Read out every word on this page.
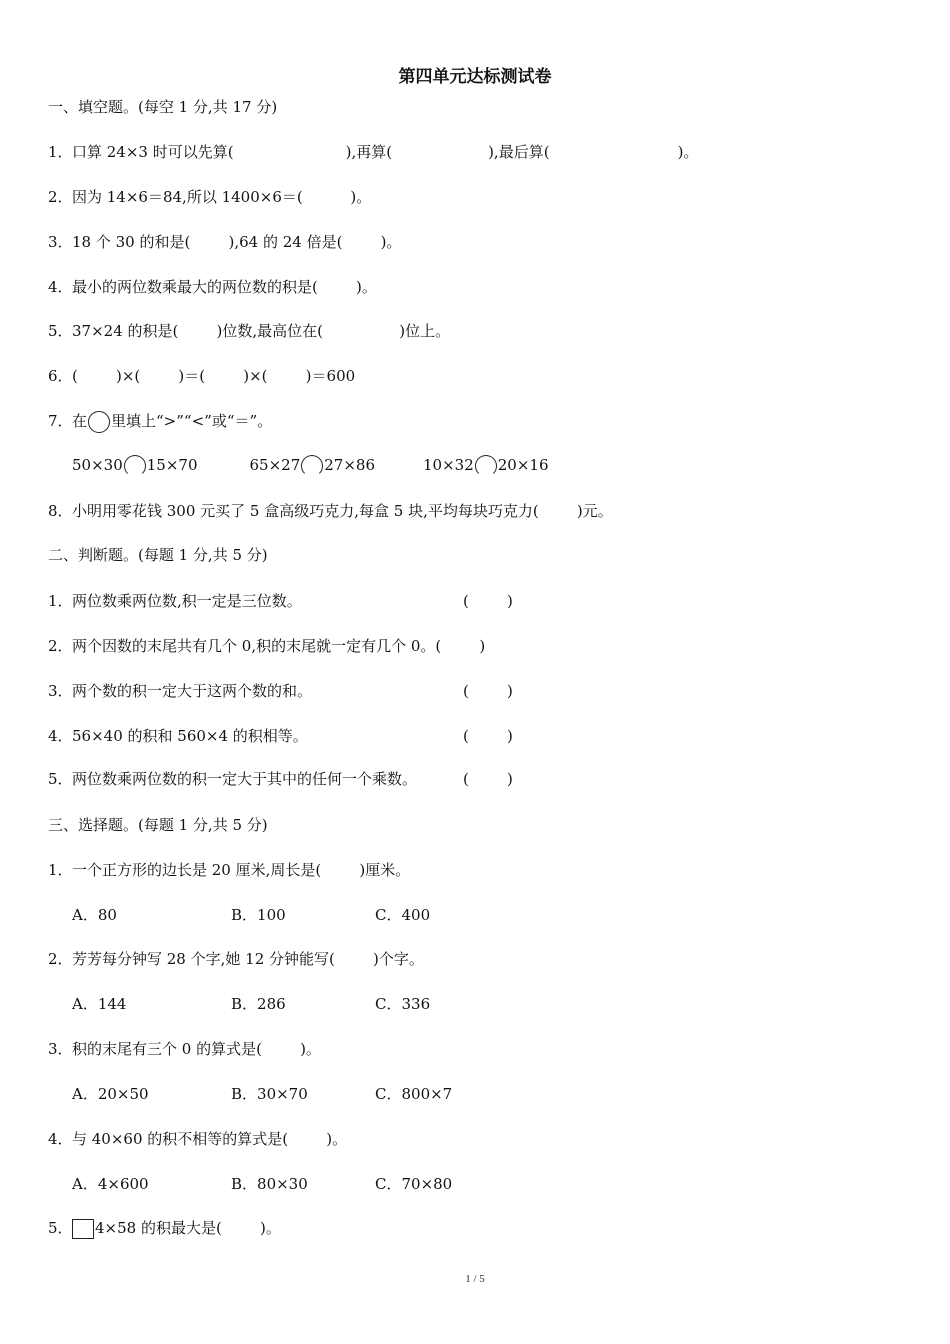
第四单元达标测试卷
一、填空题。(每空 1 分,共 17 分)
1．口算 24×3 时可以先算(	),再算(	),最后算(	)。
2．因为 14×6＝84,所以 1400×6＝(          )。
3．18 个 30 的和是(        ),64 的 24 倍是(        )。
4．最小的两位数乘最大的两位数的积是(        )。
5．37×24 的积是(        )位数,最高位在(                )位上。
6．(        )×(        )＝(        )×(        )＝600
7．在 里填上“>”“<”或“＝”。
50×30 15×70	65×27 27×86	10×32 20×16
8．小明用零花钱 300 元买了 5 盒高级巧克力,每盒 5 块,平均每块巧克力(        )元。
二、判断题。(每题 1 分,共 5 分)
1．两位数乘两位数,积一定是三位数。	(        )
2．两个因数的末尾共有几个 0,积的末尾就一定有几个 0。(        )
3．两个数的积一定大于这两个数的和。	(        )
4．56×40 的积和 560×4 的积相等。	(        )
5．两位数乘两位数的积一定大于其中的任何一个乘数。	(        )
三、选择题。(每题 1 分,共 5 分)
1．一个正方形的边长是 20 厘米,周长是(        )厘米。
A．80	B．100	C．400
2．芳芳每分钟写 28 个字,她 12 分钟能写(        )个字。
A．144	B．286	C．336
3．积的末尾有三个 0 的算式是(        )。
A．20×50	B．30×70	C．800×7
4．与 40×60 的积不相等的算式是(        )。
A．4×600	B．80×30	C．70×80
5． 4×58 的积最大是(        )。
1 / 5
